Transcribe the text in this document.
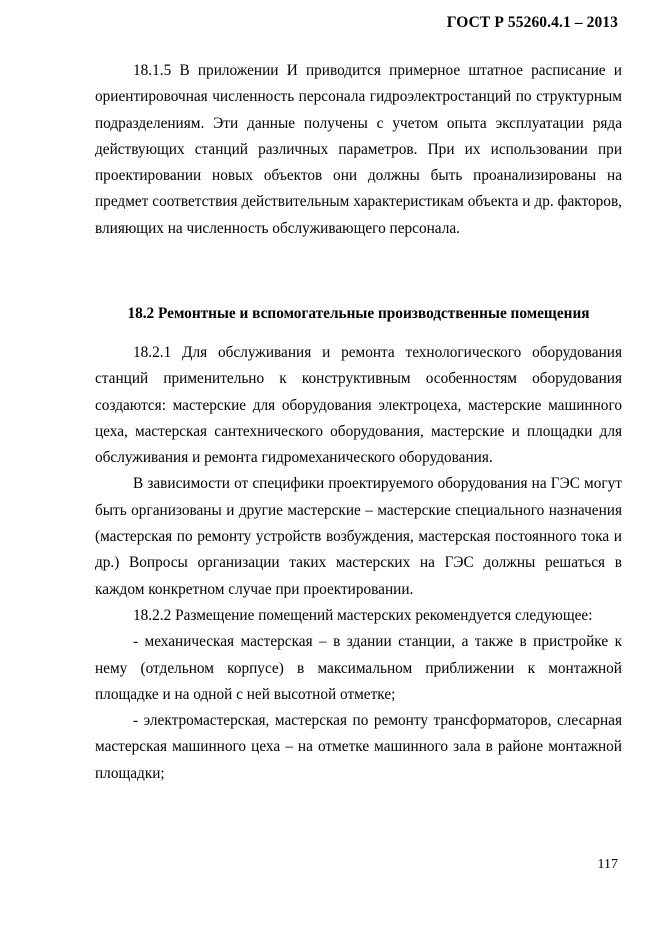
ГОСТ Р 55260.4.1 – 2013

18.1.5 В приложении И приводится примерное штатное расписание и ориентировочная численность персонала гидроэлектростанций по структурным подразделениям. Эти данные получены с учетом опыта эксплуатации ряда действующих станций различных параметров. При их использовании при проектировании новых объектов они должны быть проанализированы на предмет соответствия действительным характеристикам объекта и др. факторов, влияющих на численность обслуживающего персонала.

18.2 Ремонтные и вспомогательные производственные помещения

18.2.1 Для обслуживания и ремонта технологического оборудования станций применительно к конструктивным особенностям оборудования создаются: мастерские для оборудования электроцеха, мастерские машинного цеха, мастерская сантехнического оборудования, мастерские и площадки для обслуживания и ремонта гидромеханического оборудования.

В зависимости от специфики проектируемого оборудования на ГЭС могут быть организованы и другие мастерские – мастерские специального назначения (мастерская по ремонту устройств возбуждения, мастерская постоянного тока и др.) Вопросы организации таких мастерских на ГЭС должны решаться в каждом конкретном случае при проектировании.

18.2.2 Размещение помещений мастерских рекомендуется следующее:

- механическая мастерская – в здании станции, а также в пристройке к нему (отдельном корпусе) в максимальном приближении к монтажной площадке и на одной с ней высотной отметке;

- электромастерская, мастерская по ремонту трансформаторов, слесарная мастерская машинного цеха – на отметке машинного зала в районе монтажной площадки;

117
